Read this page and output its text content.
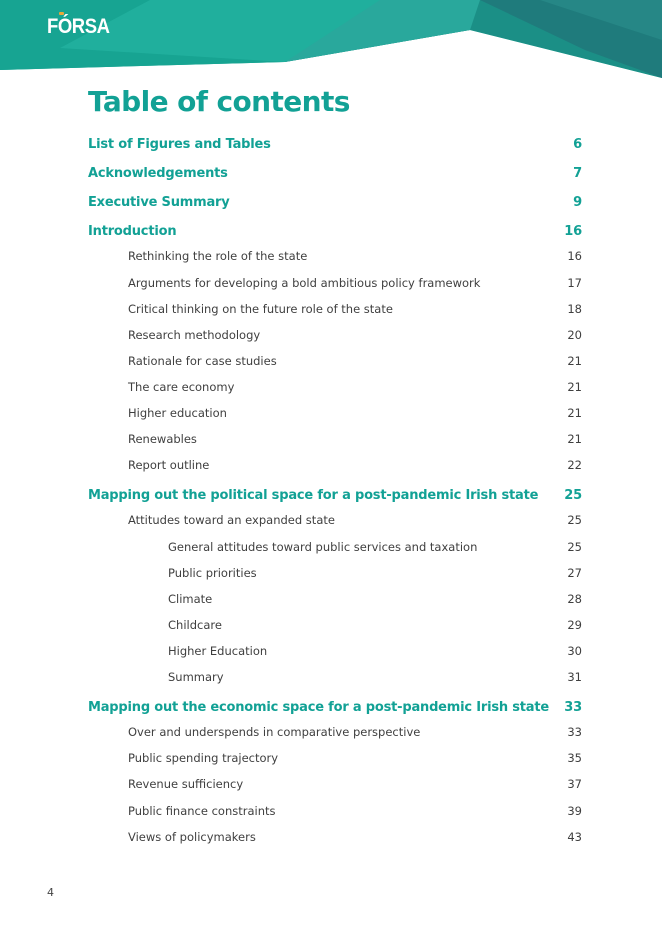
FÓRSA
Table of contents
List of Figures and Tables	6
Acknowledgements	7
Executive Summary	9
Introduction	16
Rethinking the role of the state	16
Arguments for developing a bold ambitious policy framework	17
Critical thinking on the future role of the state	18
Research methodology	20
Rationale for case studies	21
The care economy	21
Higher education	21
Renewables	21
Report outline	22
Mapping out the political space for a post-pandemic Irish state 25
Attitudes toward an expanded state	25
General attitudes toward public services and taxation	25
Public priorities	27
Climate	28
Childcare	29
Higher Education	30
Summary	31
Mapping out the economic space for a post-pandemic Irish state 33
Over and underspends in comparative perspective	33
Public spending trajectory	35
Revenue sufficiency	37
Public finance constraints	39
Views of policymakers	43
4
